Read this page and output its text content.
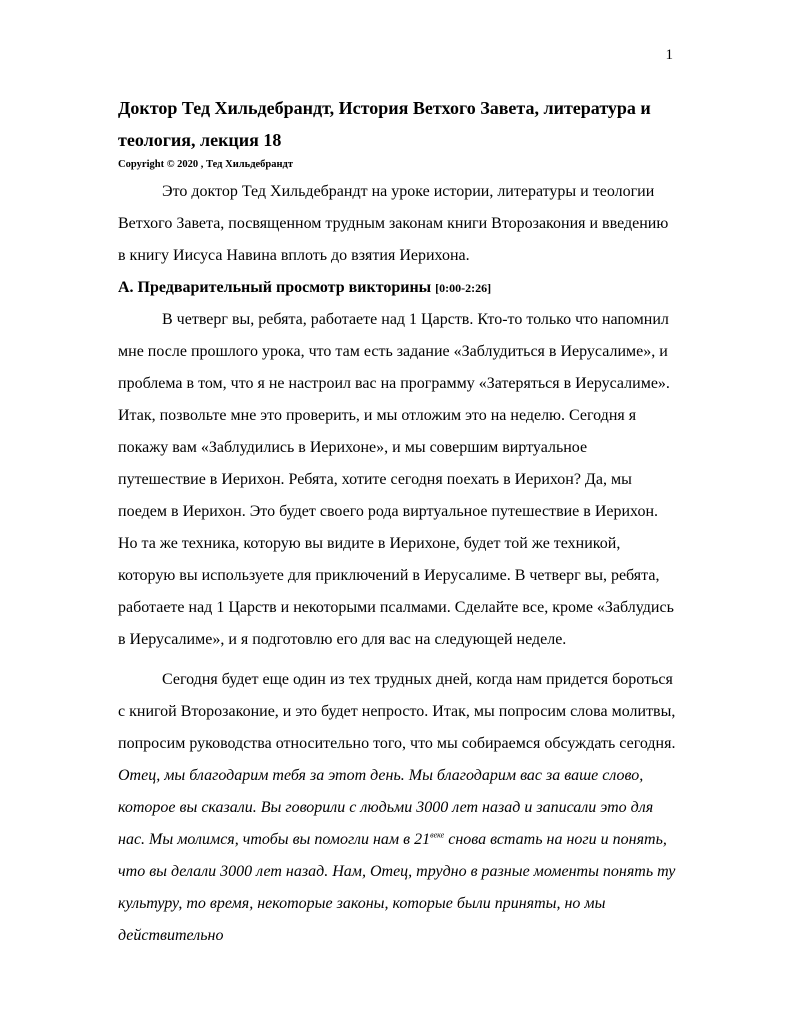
1
Доктор Тед Хильдебрандт, История Ветхого Завета, литература и теология, лекция 18
Copyright © 2020 , Тед Хильдебрандт

Это доктор Тед Хильдебрандт на уроке истории, литературы и теологии Ветхого Завета, посвященном трудным законам книги Второзакония и введению в книгу Иисуса Навина вплоть до взятия Иерихона.

А. Предварительный просмотр викторины [0:00-2:26]

В четверг вы, ребята, работаете над 1 Царств. Кто-то только что напомнил мне после прошлого урока, что там есть задание «Заблудиться в Иерусалиме», и проблема в том, что я не настроил вас на программу «Затеряться в Иерусалиме». Итак, позвольте мне это проверить, и мы отложим это на неделю. Сегодня я покажу вам «Заблудились в Иерихоне», и мы совершим виртуальное путешествие в Иерихон. Ребята, хотите сегодня поехать в Иерихон? Да, мы поедем в Иерихон. Это будет своего рода виртуальное путешествие в Иерихон. Но та же техника, которую вы видите в Иерихоне, будет той же техникой, которую вы используете для приключений в Иерусалиме. В четверг вы, ребята, работаете над 1 Царств и некоторыми псалмами. Сделайте все, кроме «Заблудись в Иерусалиме», и я подготовлю его для вас на следующей неделе.

Сегодня будет еще один из тех трудных дней, когда нам придется бороться с книгой Второзаконие, и это будет непросто. Итак, мы попросим слова молитвы, попросим руководства относительно того, что мы собираемся обсуждать сегодня. Отец, мы благодарим тебя за этот день. Мы благодарим вас за ваше слово, которое вы сказали. Вы говорили с людьми 3000 лет назад и записали это для нас. Мы молимся, чтобы вы помогли нам в $21^{веке}$ снова встать на ноги и понять, что вы делали 3000 лет назад. Нам, Отец, трудно в разные моменты понять ту культуру, то время, некоторые законы, которые были приняты, но мы действительно
